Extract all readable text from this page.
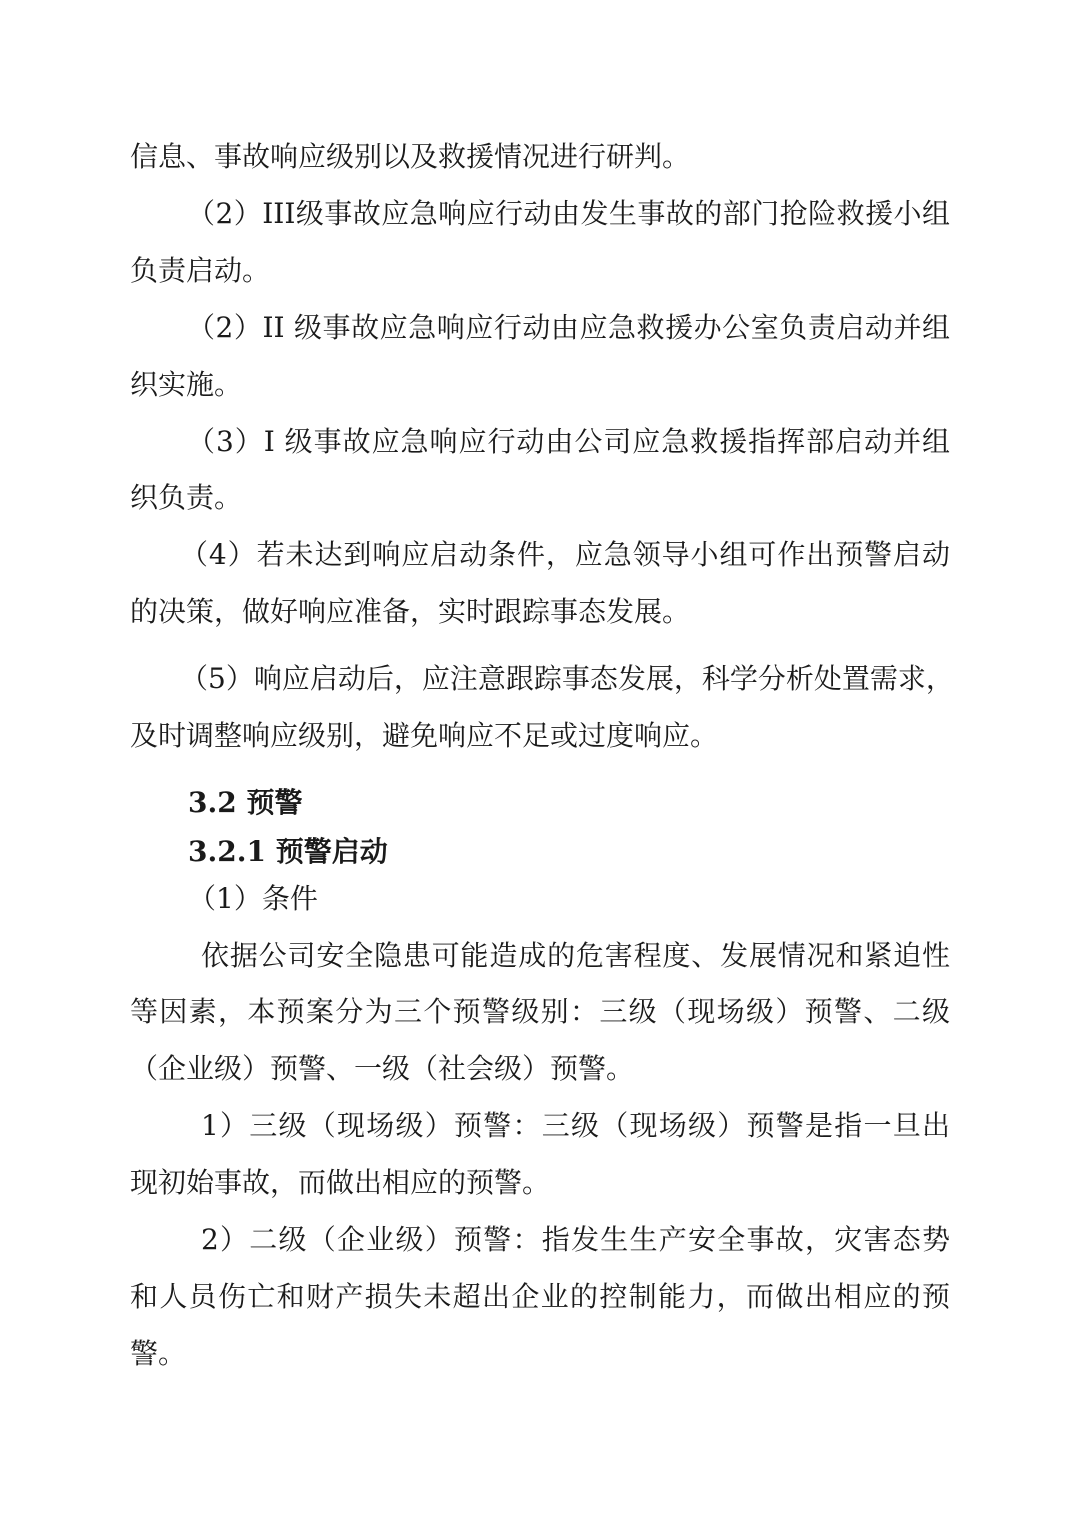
信息、事故响应级别以及救援情况进行研判。
（2）III级事故应急响应行动由发生事故的部门抢险救援小组
负责启动。
（2）II 级事故应急响应行动由应急救援办公室负责启动并组
织实施。
（3）I 级事故应急响应行动由公司应急救援指挥部启动并组
织负责。
（4）若未达到响应启动条件，应急领导小组可作出预警启动
的决策，做好响应准备，实时跟踪事态发展。
（5）响应启动后，应注意跟踪事态发展，科学分析处置需求，
及时调整响应级别，避免响应不足或过度响应。
3.2 预警
3.2.1 预警启动
（1）条件
依据公司安全隐患可能造成的危害程度、发展情况和紧迫性
等因素，本预案分为三个预警级别：三级（现场级）预警、二级
（企业级）预警、一级（社会级）预警。
1）三级（现场级）预警：三级（现场级）预警是指一旦出
现初始事故，而做出相应的预警。
2）二级（企业级）预警：指发生生产安全事故，灾害态势
和人员伤亡和财产损失未超出企业的控制能力，而做出相应的预
警。
